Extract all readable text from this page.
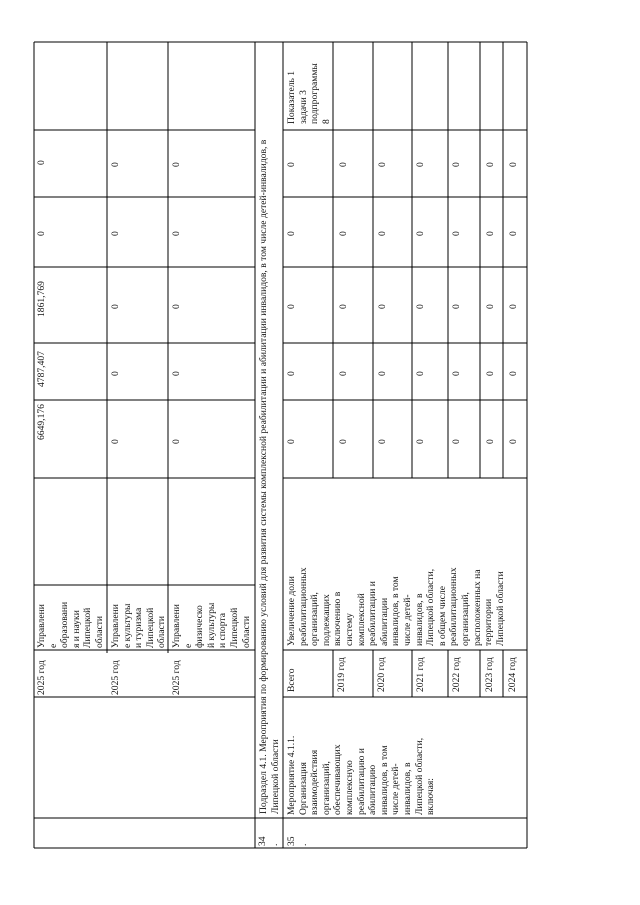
2025 год
Управлени е образовани я и науки Липецкой области
6649,176
4787,407
1861,769
0
0
2025 год
Управлени е культуры и туризма Липецкой области
0
0
0
0
0
2025 год
Управлени е физическо й культуры и спорта Липецкой области
0
0
0
0
0
34 .
Подраздел 4.1. Мероприятия по формированию условий для развития системы комплексной реабилитации и абилитации инвалидов, в том числе детей-инвалидов, в Липецкой области
35 .
Мероприятие 4.1.1. Организация взаимодействия организаций, обеспечивающих комплексную реабилитацию и абилитацию инвалидов, в том числе детей- инвалидов, в Липецкой области, включая:
Увеличение доли реабилитационных организаций, подлежащих включению в систему комплексной реабилитации и абилитации инвалидов, в том числе детей- инвалидов, в Липецкой области, в общем числе реабилитационных организаций, расположенных на территории Липецкой области
Показатель 1 задачи 3 подпрограммы 8
Всего
0
0
0
0
0
2019 год
0
0
0
0
0
2020 год
0
0
0
0
0
2021 год
0
0
0
0
0
2022 год
0
0
0
0
0
2023 год
0
0
0
0
0
2024 год
0
0
0
0
0
